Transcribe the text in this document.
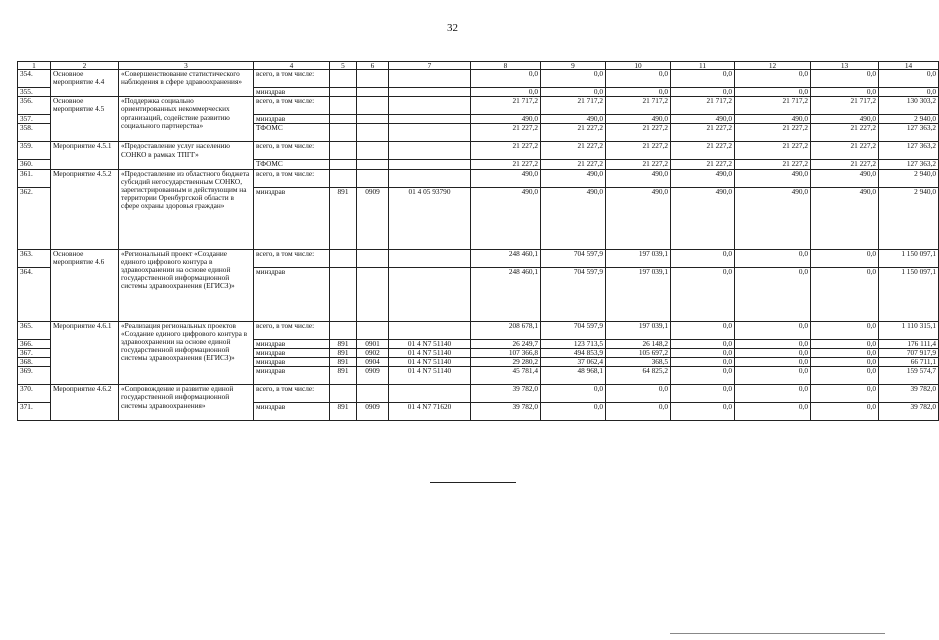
32
1	2	3	4	5	6	7	8	9	10	11	12	13	14
354.	Основное мероприятие 4.4	«Совершенствование статистического наблюдения в сфере здравоохранения»	всего, в том числе:				0,0	0,0	0,0	0,0	0,0	0,0	0,0
355.			минздрав				0,0	0,0	0,0	0,0	0,0	0,0	0,0
356.	Основное мероприятие 4.5	«Поддержка социально ориентированных некоммерческих организаций, содействие развитию социального партнерства»	всего, в том числе:				21 717,2	21 717,2	21 717,2	21 717,2	21 717,2	21 717,2	130 303,2
357.			минздрав				490,0	490,0	490,0	490,0	490,0	490,0	2 940,0
358.			ТФОМС				21 227,2	21 227,2	21 227,2	21 227,2	21 227,2	21 227,2	127 363,2
359.	Мероприятие 4.5.1	«Предоставление услуг населению СОНКО в рамках ТПГГ»	всего, в том числе:				21 227,2	21 227,2	21 227,2	21 227,2	21 227,2	21 227,2	127 363,2
360.			ТФОМС				21 227,2	21 227,2	21 227,2	21 227,2	21 227,2	21 227,2	127 363,2
361.	Мероприятие 4.5.2	«Предоставление из областного бюджета субсидий негосударственным СОНКО, зарегистрированным и действующим на территории Оренбургской области в сфере охраны здоровья граждан»	всего, в том числе:				490,0	490,0	490,0	490,0	490,0	490,0	2 940,0
362.			минздрав	891	0909	01 4 05 93790	490,0	490,0	490,0	490,0	490,0	490,0	2 940,0
363.	Основное мероприятие 4.6	«Региональный проект «Создание единого цифрового контура в здравоохранении на основе единой государственной информационной системы здравоохранения (ЕГИСЗ)»	всего, в том числе:				248 460,1	704 597,9	197 039,1	0,0	0,0	0,0	1 150 097,1
364.			минздрав				248 460,1	704 597,9	197 039,1	0,0	0,0	0,0	1 150 097,1
365.	Мероприятие 4.6.1	«Реализация региональных проектов «Создание единого цифрового контура в здравоохранении на основе единой государственной информационной системы здравоохранения (ЕГИСЗ)»	всего, в том числе:				208 678,1	704 597,9	197 039,1	0,0	0,0	0,0	1 110 315,1
366.			минздрав	891	0901	01 4 N7 51140	26 249,7	123 713,5	26 148,2	0,0	0,0	0,0	176 111,4
367.			минздрав	891	0902	01 4 N7 51140	107 366,8	494 853,9	105 697,2	0,0	0,0	0,0	707 917,9
368.			минздрав	891	0904	01 4 N7 51140	29 280,2	37 062,4	368,5	0,0	0,0	0,0	66 711,1
369.			минздрав	891	0909	01 4 N7 51140	45 781,4	48 968,1	64 825,2	0,0	0,0	0,0	159 574,7
370.	Мероприятие 4.6.2	«Сопровождение и развитие единой государственной информационной системы здравоохранения»	всего, в том числе:				39 782,0	0,0	0,0	0,0	0,0	0,0	39 782,0
371.			минздрав	891	0909	01 4 N7 71620	39 782,0	0,0	0,0	0,0	0,0	0,0	39 782,0
